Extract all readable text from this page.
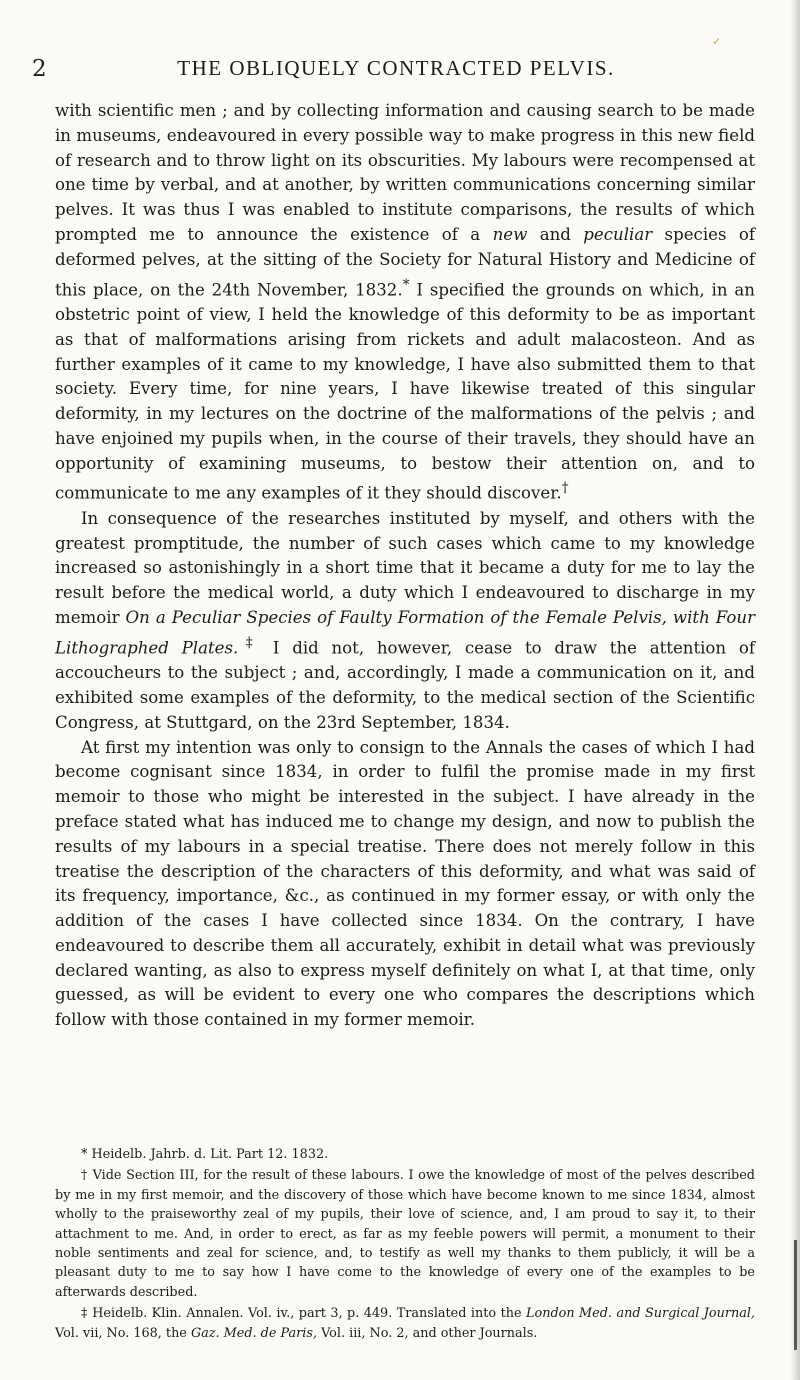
✓
2	THE OBLIQUELY CONTRACTED PELVIS.

with scientific men ; and by collecting information and causing search to be made in museums, endeavoured in every possible way to make progress in this new field of research and to throw light on its obscurities. My labours were recompensed at one time by verbal, and at another, by written communications concerning similar pelves. It was thus I was enabled to institute comparisons, the results of which prompted me to announce the existence of a new and peculiar species of deformed pelves, at the sitting of the Society for Natural History and Medicine of this place, on the 24th November, 1832.* I specified the grounds on which, in an obstetric point of view, I held the knowledge of this deformity to be as important as that of malformations arising from rickets and adult malacosteon. And as further examples of it came to my knowledge, I have also submitted them to that society. Every time, for nine years, I have likewise treated of this singular deformity, in my lectures on the doctrine of the malformations of the pelvis ; and have enjoined my pupils when, in the course of their travels, they should have an opportunity of examining museums, to bestow their attention on, and to communicate to me any examples of it they should discover.†

In consequence of the researches instituted by myself, and others with the greatest promptitude, the number of such cases which came to my knowledge increased so astonishingly in a short time that it became a duty for me to lay the result before the medical world, a duty which I endeavoured to discharge in my memoir On a Peculiar Species of Faulty Formation of the Female Pelvis, with Four Lithographed Plates.‡ I did not, however, cease to draw the attention of accoucheurs to the subject ; and, accordingly, I made a communication on it, and exhibited some examples of the deformity, to the medical section of the Scientific Congress, at Stuttgard, on the 23rd September, 1834.

At first my intention was only to consign to the Annals the cases of which I had become cognisant since 1834, in order to fulfil the promise made in my first memoir to those who might be interested in the subject. I have already in the preface stated what has induced me to change my design, and now to publish the results of my labours in a special treatise. There does not merely follow in this treatise the description of the characters of this deformity, and what was said of its frequency, importance, &c., as continued in my former essay, or with only the addition of the cases I have collected since 1834. On the contrary, I have endeavoured to describe them all accurately, exhibit in detail what was previously declared wanting, as also to express myself definitely on what I, at that time, only guessed, as will be evident to every one who compares the descriptions which follow with those contained in my former memoir.

* Heidelb. Jahrb. d. Lit. Part 12. 1832.

† Vide Section III, for the result of these labours. I owe the knowledge of most of the pelves described by me in my first memoir, and the discovery of those which have become known to me since 1834, almost wholly to the praiseworthy zeal of my pupils, their love of science, and, I am proud to say it, to their attachment to me. And, in order to erect, as far as my feeble powers will permit, a monument to their noble sentiments and zeal for science, and, to testify as well my thanks to them publicly, it will be a pleasant duty to me to say how I have come to the knowledge of every one of the examples to be afterwards described.

‡ Heidelb. Klin. Annalen. Vol. iv., part 3, p. 449. Translated into the London Med. and Surgical Journal, Vol. vii, No. 168, the Gaz. Med. de Paris, Vol. iii, No. 2, and other Journals.
